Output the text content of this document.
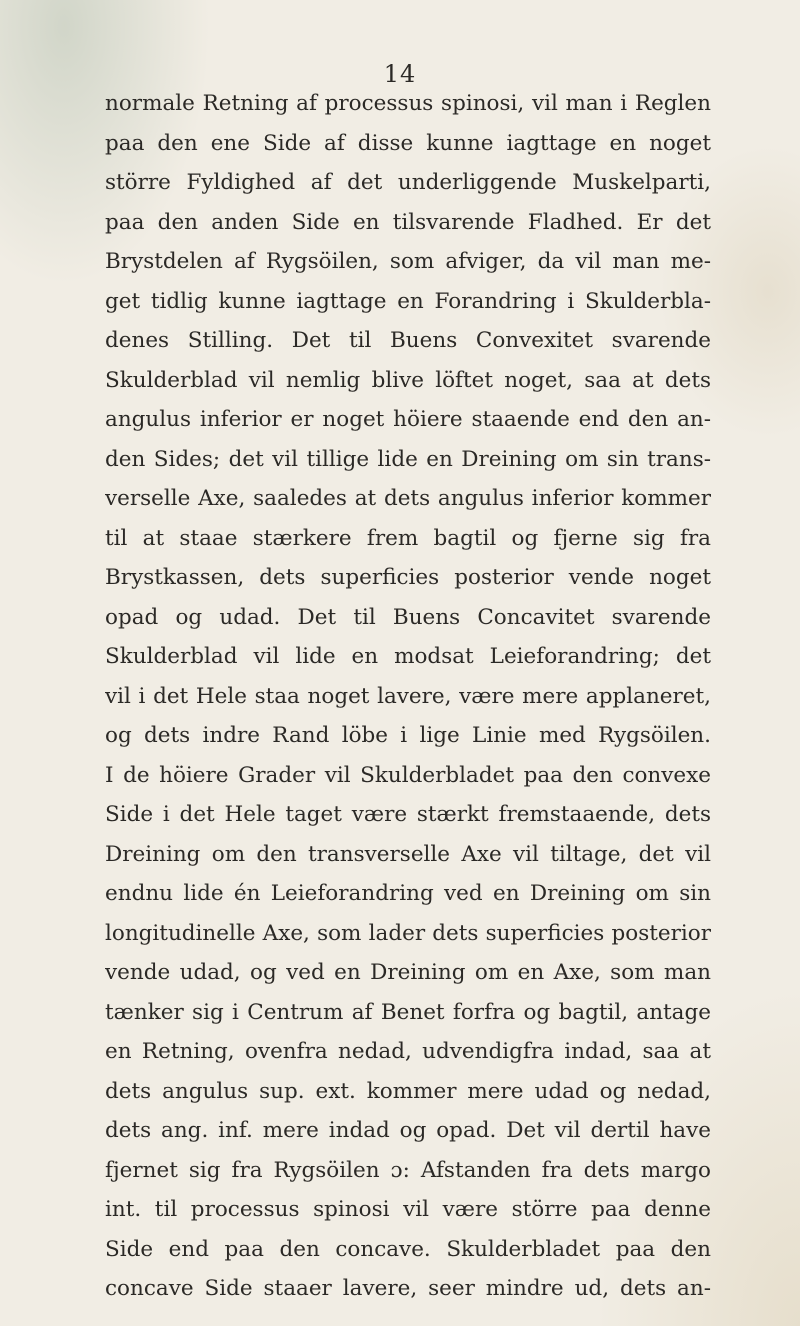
14
normale Retning af processus spinosi, vil man i Reglen
paa den ene Side af disse kunne iagttage en noget
större Fyldighed af det underliggende Muskelparti,
paa den anden Side en tilsvarende Fladhed. Er det
Brystdelen af Rygsöilen, som afviger, da vil man me-
get tidlig kunne iagttage en Forandring i Skulderbla-
denes Stilling. Det til Buens Convexitet svarende
Skulderblad vil nemlig blive löftet noget, saa at dets
angulus inferior er noget höiere staaende end den an-
den Sides; det vil tillige lide en Dreining om sin trans-
verselle Axe, saaledes at dets angulus inferior kommer
til at staae stærkere frem bagtil og fjerne sig fra
Brystkassen, dets superficies posterior vende noget
opad og udad. Det til Buens Concavitet svarende
Skulderblad vil lide en modsat Leieforandring; det
vil i det Hele staa noget lavere, være mere applaneret,
og dets indre Rand löbe i lige Linie med Rygsöilen.
I de höiere Grader vil Skulderbladet paa den convexe
Side i det Hele taget være stærkt fremstaaende, dets
Dreining om den transverselle Axe vil tiltage, det vil
endnu lide én Leieforandring ved en Dreining om sin
longitudinelle Axe, som lader dets superficies posterior
vende udad, og ved en Dreining om en Axe, som man
tænker sig i Centrum af Benet forfra og bagtil, antage
en Retning, ovenfra nedad, udvendigfra indad, saa at
dets angulus sup. ext. kommer mere udad og nedad,
dets ang. inf. mere indad og opad. Det vil dertil have
fjernet sig fra Rygsöilen ɔ: Afstanden fra dets margo
int. til processus spinosi vil være större paa denne
Side end paa den concave. Skulderbladet paa den
concave Side staaer lavere, seer mindre ud, dets an-
